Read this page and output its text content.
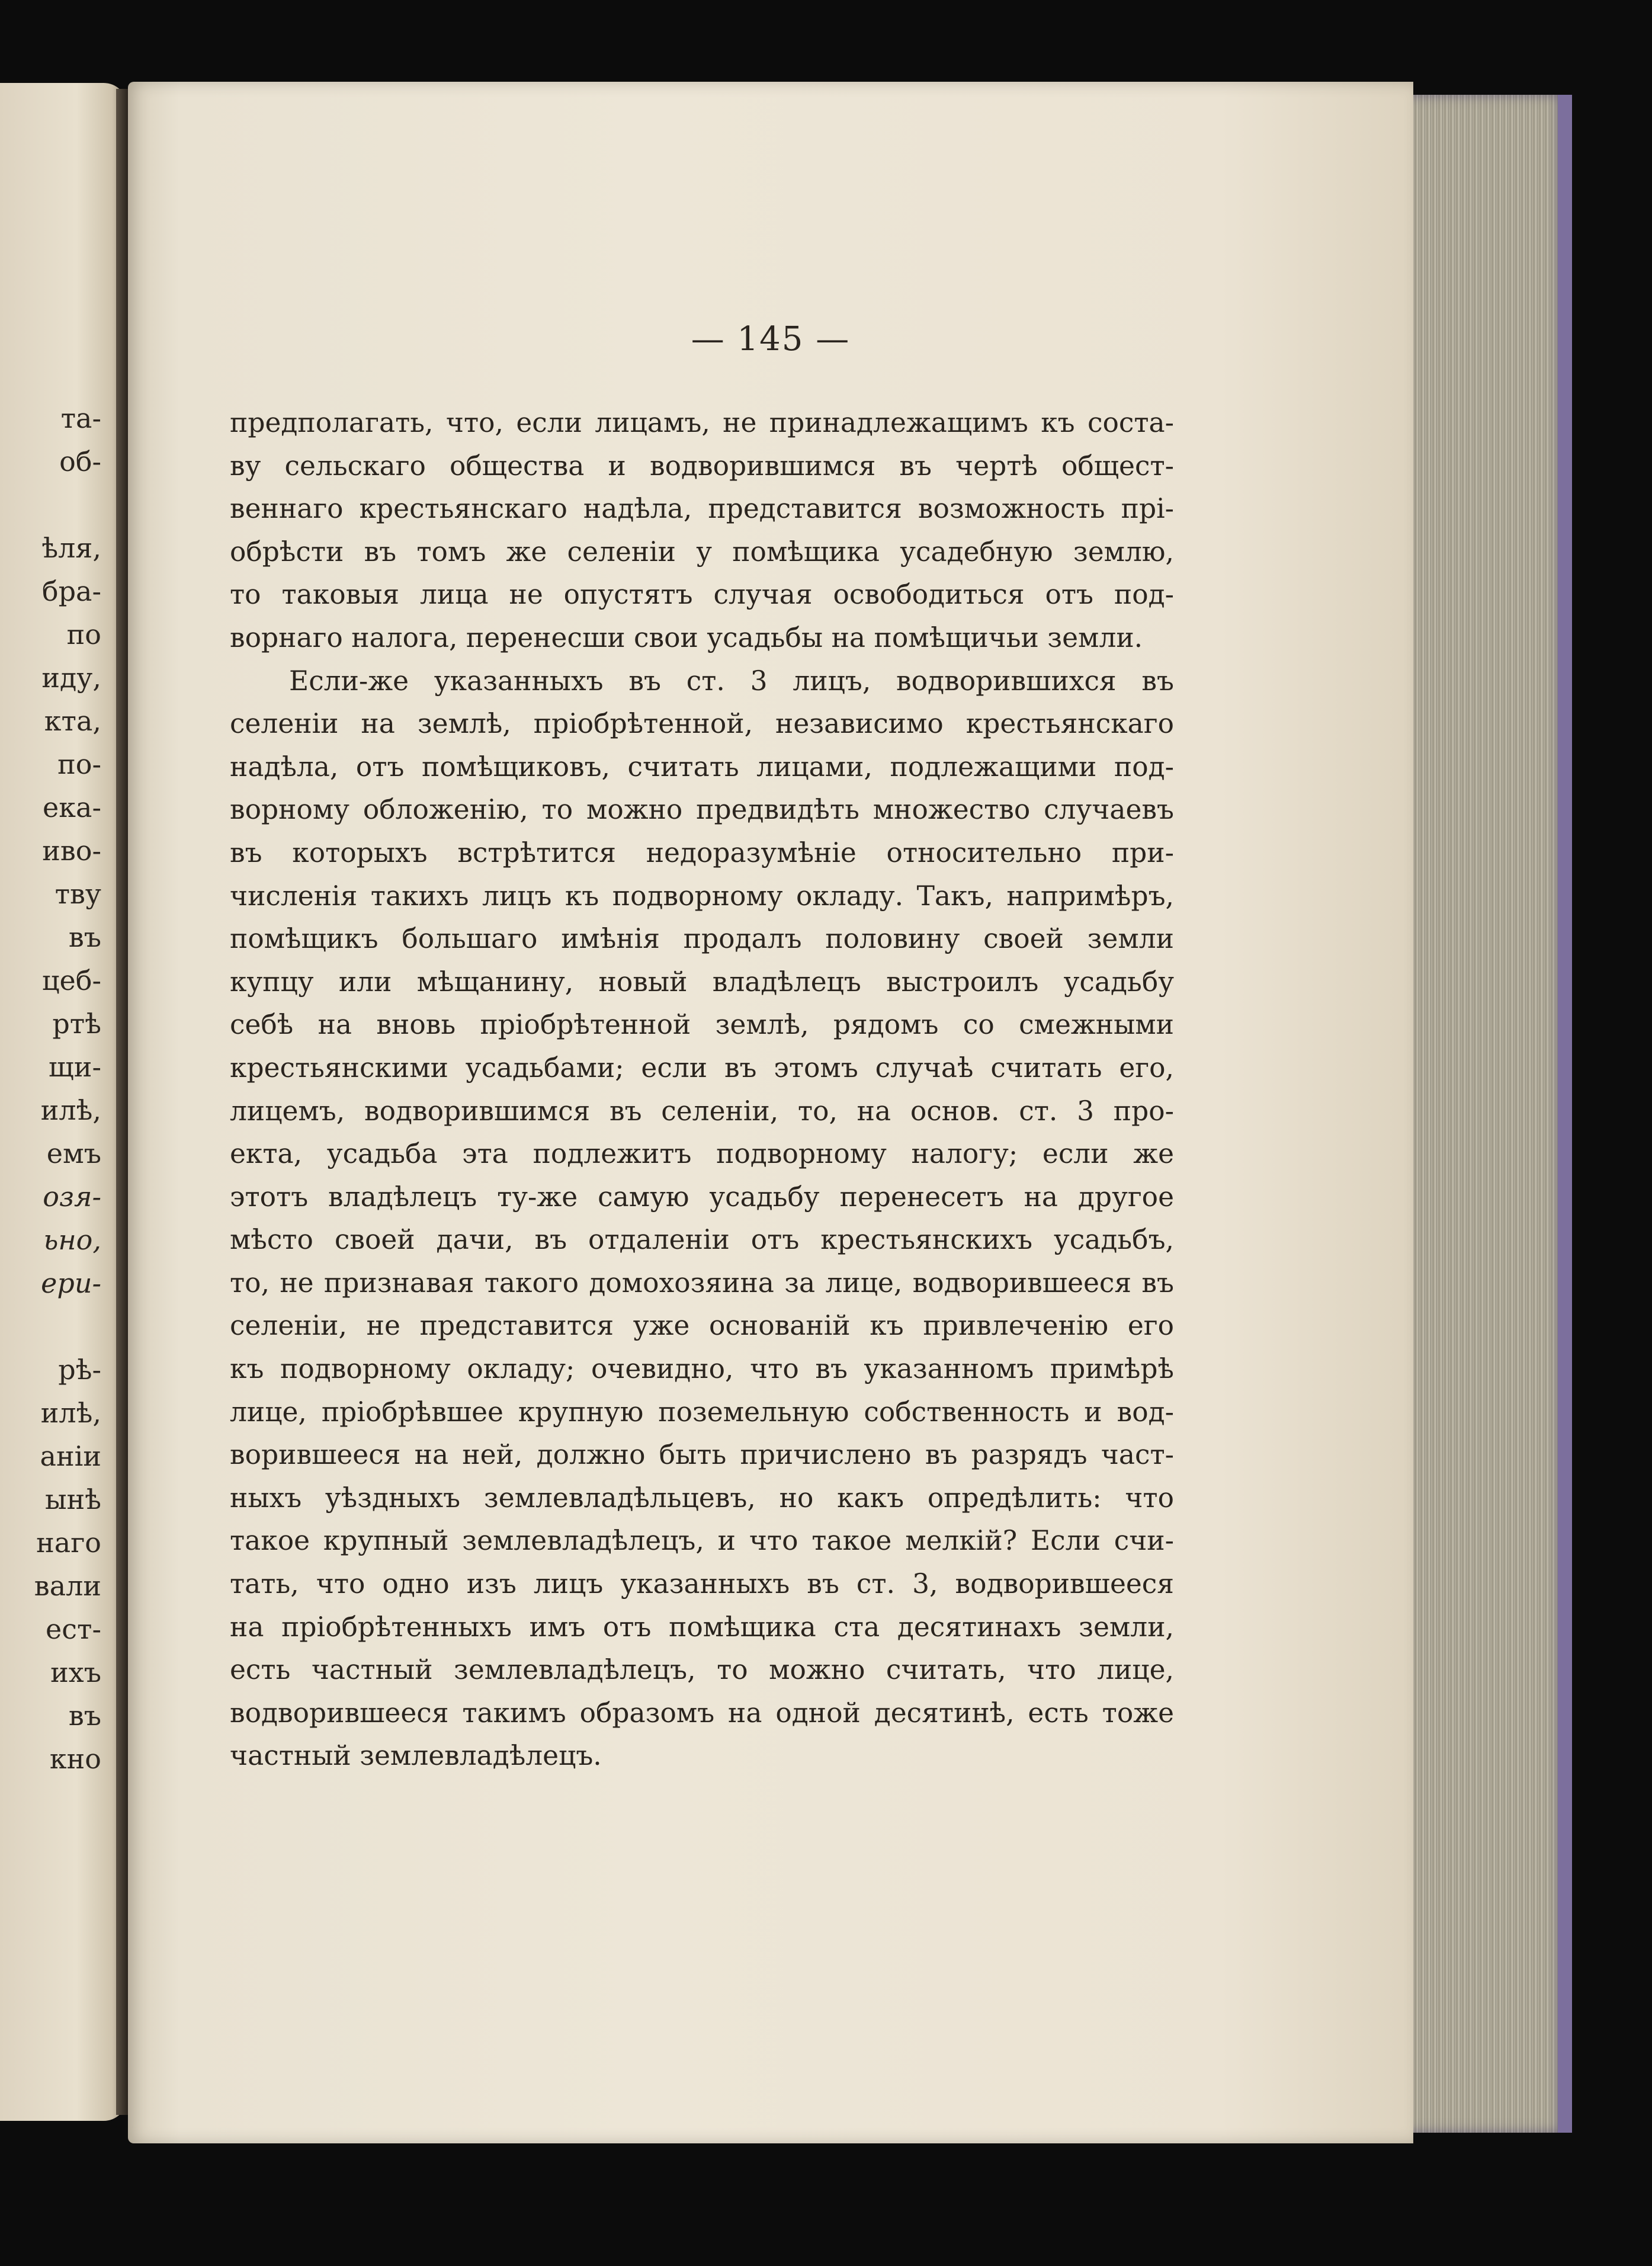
та-
об-
ѣля,
бра-
по
иду,
кта,
по-
ека-
иво-
тву
въ
цеб-
ртѣ
щи-
илѣ,
емъ
озя-
ьно,
ери-
рѣ-
илѣ,
аніи
ынѣ
наго
вали
ест-
ихъ
въ
кно
— 145 —

предполагать, что, если лицамъ, не принадлежащимъ къ соста-

ву сельскаго общества и водворившимся въ чертѣ общест-

веннаго крестьянскаго надѣла, представится возможность прі-

обрѣсти въ томъ же селеніи у помѣщика усадебную землю,

то таковыя лица не опустятъ случая освободиться отъ под-

ворнаго налога, перенесши свои усадьбы на помѣщичьи земли.

Если-же указанныхъ въ ст. 3 лицъ, водворившихся въ

селеніи на землѣ, пріобрѣтенной, независимо крестьянскаго

надѣла, отъ помѣщиковъ, считать лицами, подлежащими под-

ворному обложенію, то можно предвидѣть множество случаевъ

въ которыхъ встрѣтится недоразумѣніе относительно при-

численія такихъ лицъ къ подворному окладу. Такъ, напримѣръ,

помѣщикъ большаго имѣнія продалъ половину своей земли

купцу или мѣщанину, новый владѣлецъ выстроилъ усадьбу

себѣ на вновь пріобрѣтенной землѣ, рядомъ со смежными

крестьянскими усадьбами; если въ этомъ случаѣ считать его,

лицемъ, водворившимся въ селеніи, то, на основ. ст. 3 про-

екта, усадьба эта подлежитъ подворному налогу; если же

этотъ владѣлецъ ту-же самую усадьбу перенесетъ на другое

мѣсто своей дачи, въ отдаленіи отъ крестьянскихъ усадьбъ,

то, не признавая такого домохозяина за лице, водворившееся въ

селеніи, не представится уже основаній къ привлеченію его

къ подворному окладу; очевидно, что въ указанномъ примѣрѣ

лице, пріобрѣвшее крупную поземельную собственность и вод-

ворившееся на ней, должно быть причислено въ разрядъ част-

ныхъ уѣздныхъ землевладѣльцевъ, но какъ опредѣлить: что

такое крупный землевладѣлецъ, и что такое мелкій? Если счи-

тать, что одно изъ лицъ указанныхъ въ ст. 3, водворившееся

на пріобрѣтенныхъ имъ отъ помѣщика ста десятинахъ земли,

есть частный землевладѣлецъ, то можно считать, что лице,

водворившееся такимъ образомъ на одной десятинѣ, есть тоже

частный землевладѣлецъ.
